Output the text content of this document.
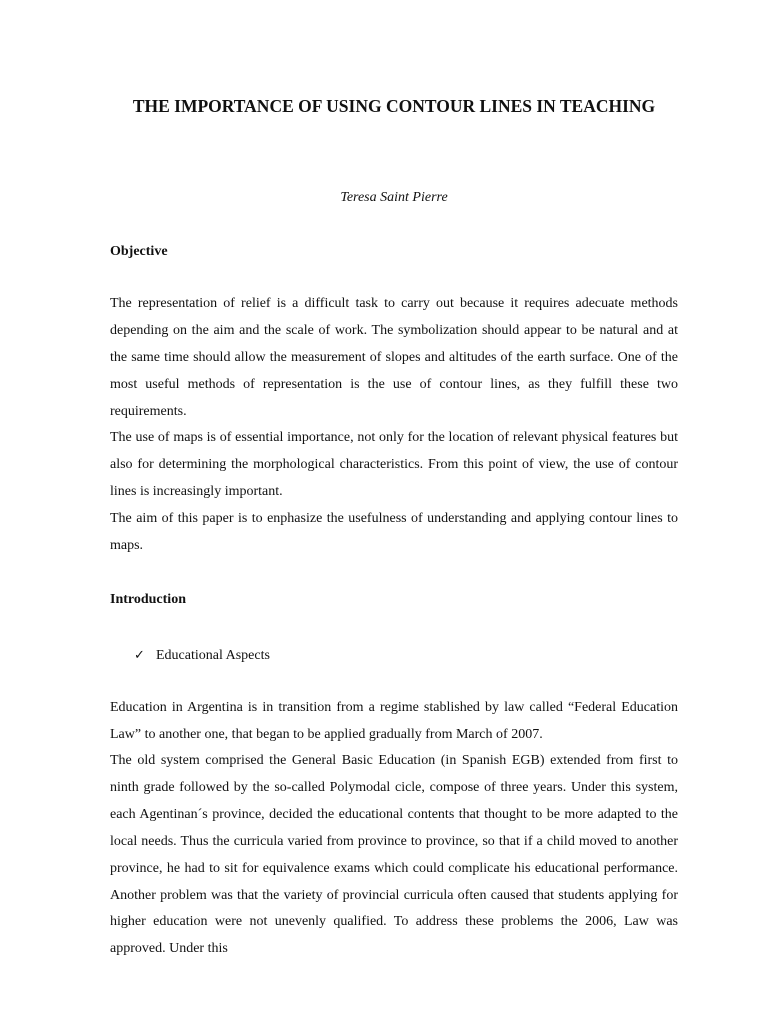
THE IMPORTANCE OF USING CONTOUR LINES IN TEACHING

Teresa Saint Pierre

Objective

The representation of relief is a difficult task to carry out because it requires adecuate methods depending on the aim and the scale of work. The symbolization should appear to be natural and at the same time should allow the measurement of slopes and altitudes of the earth surface. One of the most useful methods of representation is the use of contour lines, as they fulfill these two requirements.

The use of maps is of essential importance, not only for the location of relevant physical features but also for determining the morphological characteristics. From this point of view, the use of contour lines is increasingly important.

The aim of this paper is to enphasize the usefulness of understanding and applying contour lines to maps.

Introduction

✓ Educational Aspects

Education in Argentina is in transition from a regime stablished by law called “Federal Education Law” to another one, that began to be applied gradually from March of 2007.

The old system comprised the General Basic Education (in Spanish EGB) extended from first to ninth grade followed by the so-called Polymodal cicle, compose of three years. Under this system, each Agentinan´s province, decided the educational contents that thought to be more adapted to the local needs. Thus the curricula varied from province to province, so that if a child moved to another province, he had to sit for equivalence exams which could complicate his educational performance. Another problem was that the variety of provincial curricula often caused that students applying for higher education were not unevenly qualified. To address these problems the 2006, Law was approved. Under this
